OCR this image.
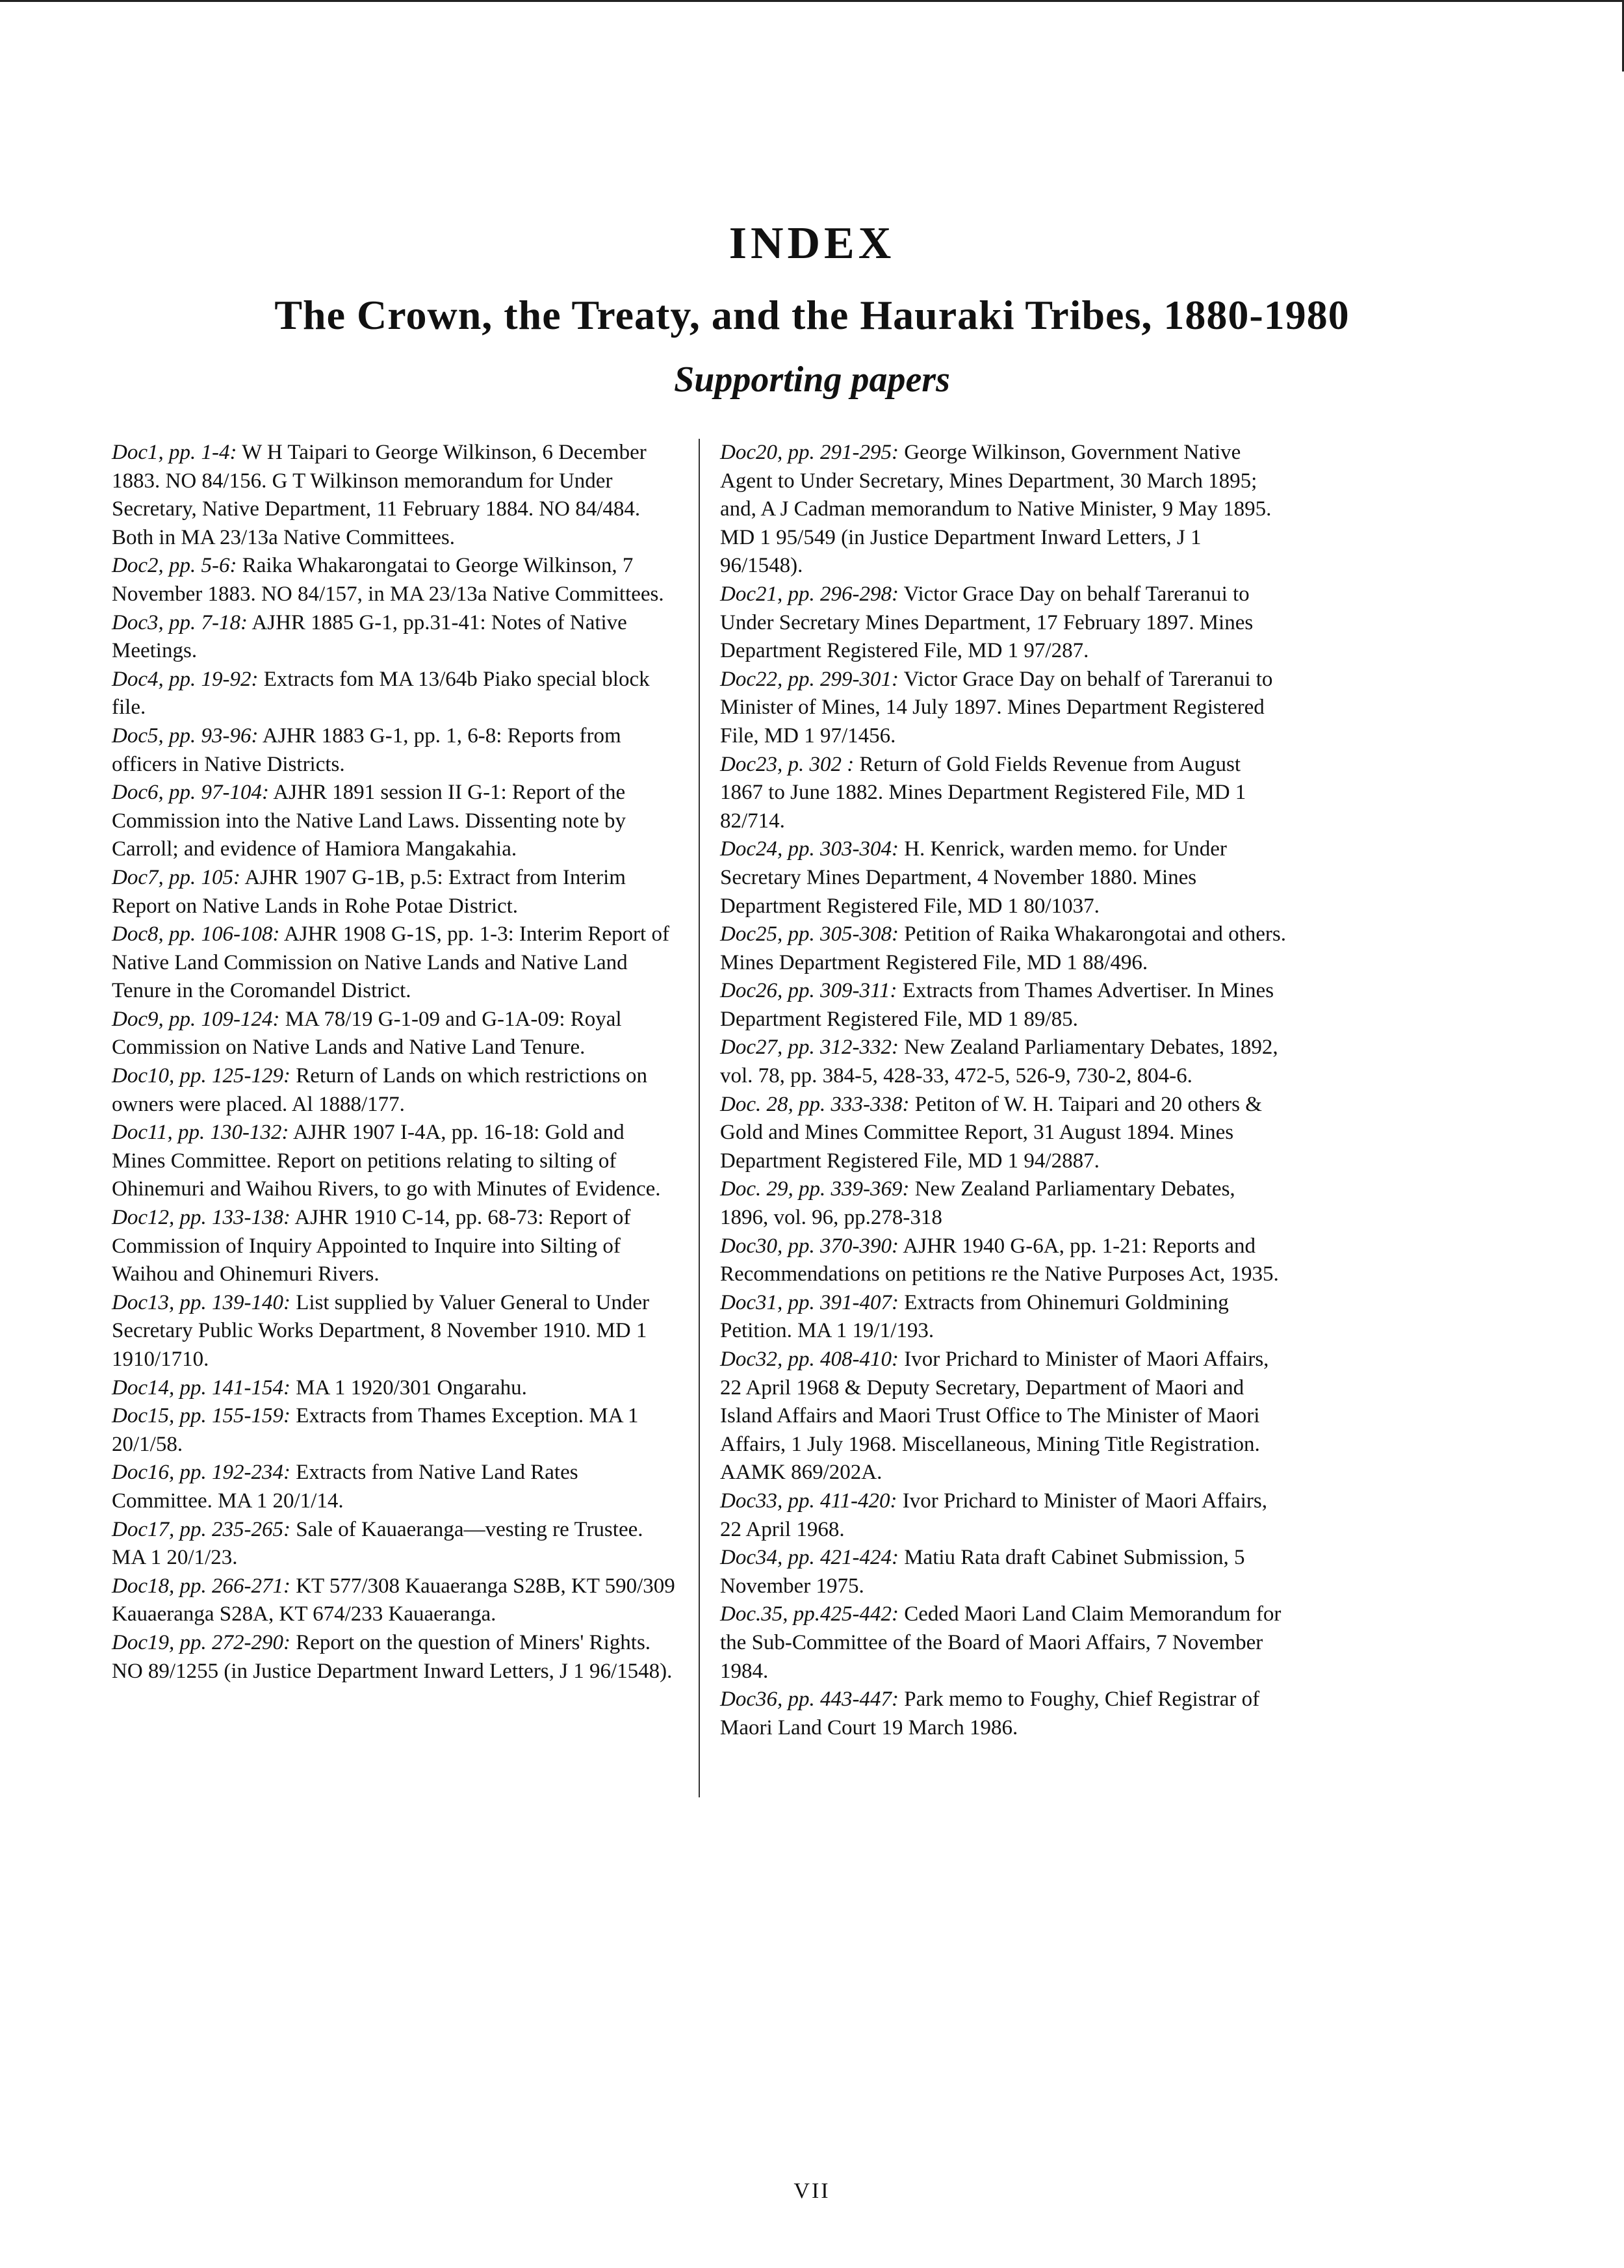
INDEX
The Crown, the Treaty, and the Hauraki Tribes, 1880-1980
Supporting papers

Doc1, pp. 1-4: W H Taipari to George Wilkinson, 6 December 1883. NO 84/156. G T Wilkinson memorandum for Under Secretary, Native Department, 11 February 1884. NO 84/484. Both in MA 23/13a Native Committees.

Doc2, pp. 5-6: Raika Whakarongatai to George Wilkinson, 7 November 1883. NO 84/157, in MA 23/13a Native Committees.

Doc3, pp. 7-18: AJHR 1885 G-1, pp.31-41: Notes of Native Meetings.

Doc4, pp. 19-92: Extracts fom MA 13/64b Piako special block file.

Doc5, pp. 93-96: AJHR 1883 G-1, pp. 1, 6-8: Reports from officers in Native Districts.

Doc6, pp. 97-104: AJHR 1891 session II G-1: Report of the Commission into the Native Land Laws. Dissenting note by Carroll; and evidence of Hamiora Mangakahia.

Doc7, pp. 105: AJHR 1907 G-1B, p.5: Extract from Interim Report on Native Lands in Rohe Potae District.

Doc8, pp. 106-108: AJHR 1908 G-1S, pp. 1-3: Interim Report of Native Land Commission on Native Lands and Native Land Tenure in the Coromandel District.

Doc9, pp. 109-124: MA 78/19 G-1-09 and G-1A-09: Royal Commission on Native Lands and Native Land Tenure.

Doc10, pp. 125-129: Return of Lands on which restrictions on owners were placed. Al 1888/177.

Doc11, pp. 130-132: AJHR 1907 I-4A, pp. 16-18: Gold and Mines Committee. Report on petitions relating to silting of Ohinemuri and Waihou Rivers, to go with Minutes of Evidence.

Doc12, pp. 133-138: AJHR 1910 C-14, pp. 68-73: Report of Commission of Inquiry Appointed to Inquire into Silting of Waihou and Ohinemuri Rivers.

Doc13, pp. 139-140: List supplied by Valuer General to Under Secretary Public Works Department, 8 November 1910. MD 1 1910/1710.

Doc14, pp. 141-154: MA 1 1920/301 Ongarahu.

Doc15, pp. 155-159: Extracts from Thames Exception. MA 1 20/1/58.

Doc16, pp. 192-234: Extracts from Native Land Rates Committee. MA 1 20/1/14.

Doc17, pp. 235-265: Sale of Kauaeranga—vesting re Trustee. MA 1 20/1/23.

Doc18, pp. 266-271: KT 577/308 Kauaeranga S28B, KT 590/309 Kauaeranga S28A, KT 674/233 Kauaeranga.

Doc19, pp. 272-290: Report on the question of Miners' Rights. NO 89/1255 (in Justice Department Inward Letters, J 1 96/1548).

Doc20, pp. 291-295: George Wilkinson, Government Native Agent to Under Secretary, Mines Department, 30 March 1895; and, A J Cadman memorandum to Native Minister, 9 May 1895. MD 1 95/549 (in Justice Department Inward Letters, J 1 96/1548).

Doc21, pp. 296-298: Victor Grace Day on behalf Tareranui to Under Secretary Mines Department, 17 February 1897. Mines Department Registered File, MD 1 97/287.

Doc22, pp. 299-301: Victor Grace Day on behalf of Tareranui to Minister of Mines, 14 July 1897. Mines Department Registered File, MD 1 97/1456.

Doc23, p. 302 : Return of Gold Fields Revenue from August 1867 to June 1882. Mines Department Registered File, MD 1 82/714.

Doc24, pp. 303-304: H. Kenrick, warden memo. for Under Secretary Mines Department, 4 November 1880. Mines Department Registered File, MD 1 80/1037.

Doc25, pp. 305-308: Petition of Raika Whakarongotai and others. Mines Department Registered File, MD 1 88/496.

Doc26, pp. 309-311: Extracts from Thames Advertiser. In Mines Department Registered File, MD 1 89/85.

Doc27, pp. 312-332: New Zealand Parliamentary Debates, 1892, vol. 78, pp. 384-5, 428-33, 472-5, 526-9, 730-2, 804-6.

Doc. 28, pp. 333-338: Petiton of W. H. Taipari and 20 others & Gold and Mines Committee Report, 31 August 1894. Mines Department Registered File, MD 1 94/2887.

Doc. 29, pp. 339-369: New Zealand Parliamentary Debates, 1896, vol. 96, pp.278-318

Doc30, pp. 370-390: AJHR 1940 G-6A, pp. 1-21: Reports and Recommendations on petitions re the Native Purposes Act, 1935.

Doc31, pp. 391-407: Extracts from Ohinemuri Goldmining Petition. MA 1 19/1/193.

Doc32, pp. 408-410: Ivor Prichard to Minister of Maori Affairs, 22 April 1968 & Deputy Secretary, Department of Maori and Island Affairs and Maori Trust Office to The Minister of Maori Affairs, 1 July 1968. Miscellaneous, Mining Title Registration. AAMK 869/202A.

Doc33, pp. 411-420: Ivor Prichard to Minister of Maori Affairs, 22 April 1968.

Doc34, pp. 421-424: Matiu Rata draft Cabinet Submission, 5 November 1975.

Doc.35, pp.425-442: Ceded Maori Land Claim Memorandum for the Sub-Committee of the Board of Maori Affairs, 7 November 1984.

Doc36, pp. 443-447: Park memo to Foughy, Chief Registrar of Maori Land Court 19 March 1986.

VII
